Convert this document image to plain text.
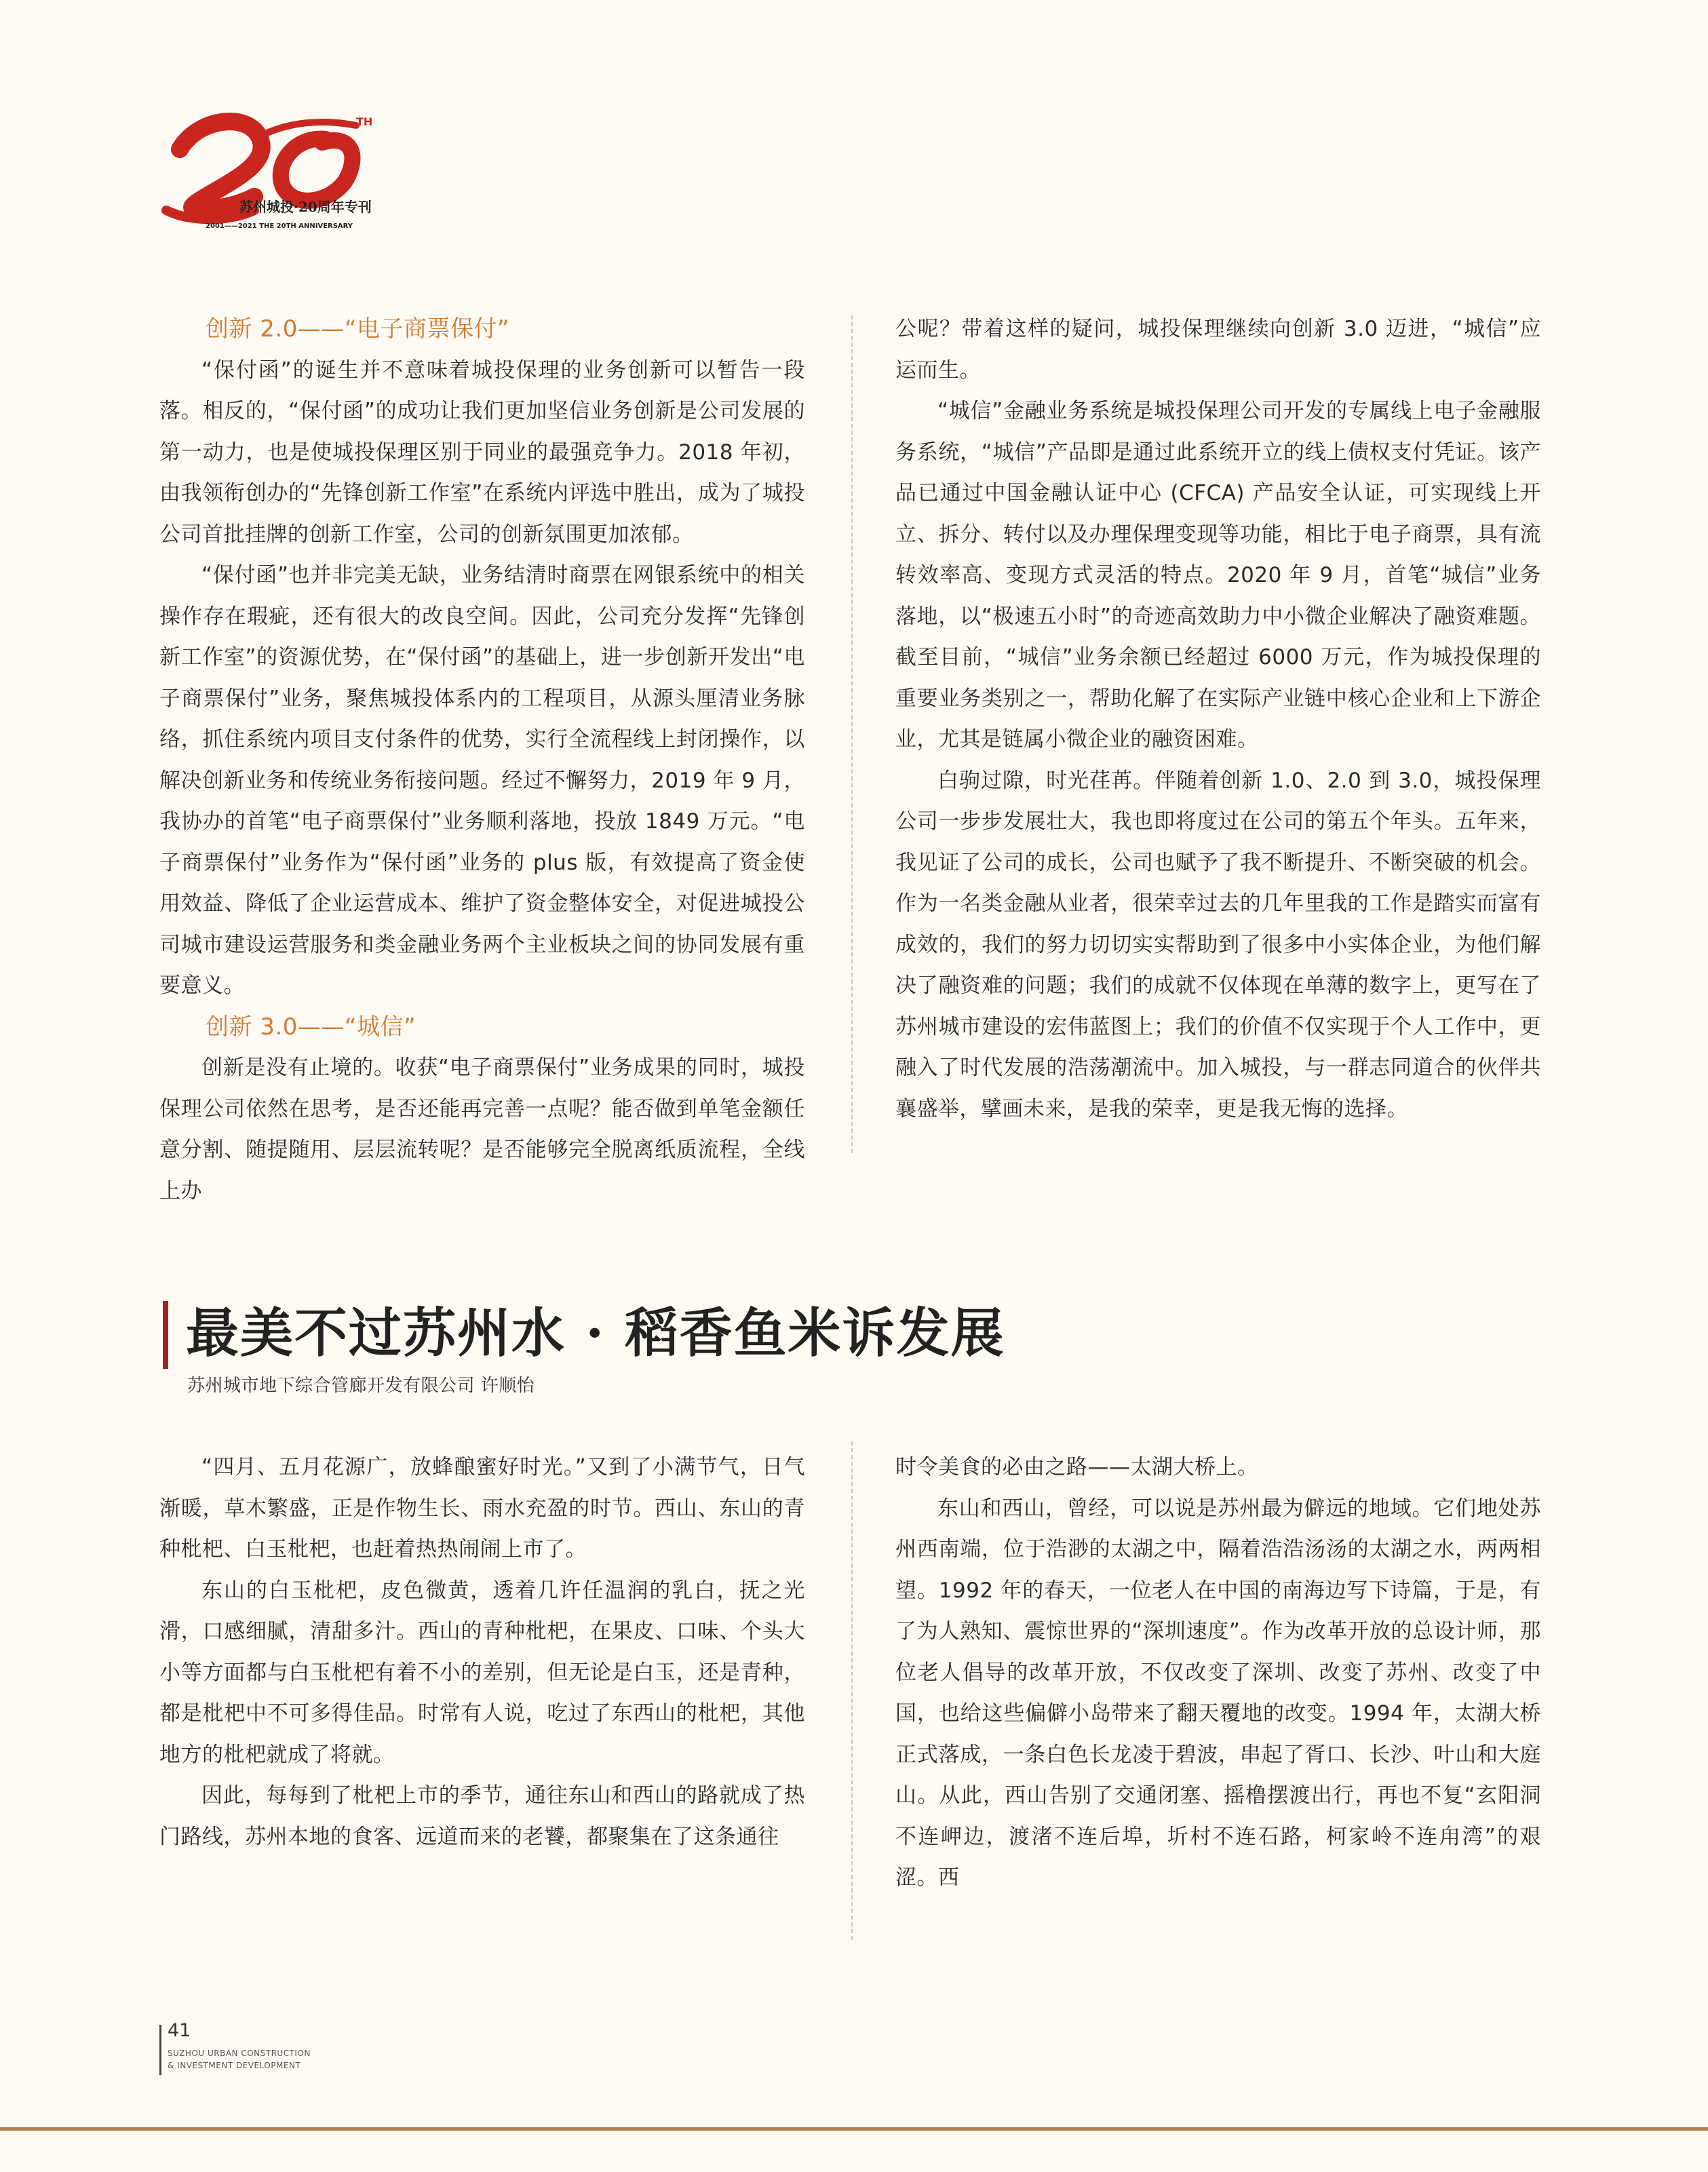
TH
苏州城投·20周年专刊
2001——2021 THE 20TH ANNIVERSARY
创新 2.0——“电子商票保付”

“保付函”的诞生并不意味着城投保理的业务创新可以暂告一段落。相反的，“保付函”的成功让我们更加坚信业务创新是公司发展的第一动力，也是使城投保理区别于同业的最强竞争力。2018 年初，由我领衔创办的“先锋创新工作室”在系统内评选中胜出，成为了城投公司首批挂牌的创新工作室，公司的创新氛围更加浓郁。

“保付函”也并非完美无缺，业务结清时商票在网银系统中的相关操作存在瑕疵，还有很大的改良空间。因此，公司充分发挥“先锋创新工作室”的资源优势，在“保付函”的基础上，进一步创新开发出“电子商票保付”业务，聚焦城投体系内的工程项目，从源头厘清业务脉络，抓住系统内项目支付条件的优势，实行全流程线上封闭操作，以解决创新业务和传统业务衔接问题。经过不懈努力，2019 年 9 月，我协办的首笔“电子商票保付”业务顺利落地，投放 1849 万元。“电子商票保付”业务作为“保付函”业务的 plus 版，有效提高了资金使用效益、降低了企业运营成本、维护了资金整体安全，对促进城投公司城市建设运营服务和类金融业务两个主业板块之间的协同发展有重要意义。

创新 3.0——“城信”

创新是没有止境的。收获“电子商票保付”业务成果的同时，城投保理公司依然在思考，是否还能再完善一点呢？能否做到单笔金额任意分割、随提随用、层层流转呢？是否能够完全脱离纸质流程，全线上办

公呢？带着这样的疑问，城投保理继续向创新 3.0 迈进，“城信”应运而生。

“城信”金融业务系统是城投保理公司开发的专属线上电子金融服务系统，“城信”产品即是通过此系统开立的线上债权支付凭证。该产品已通过中国金融认证中心 (CFCA) 产品安全认证，可实现线上开立、拆分、转付以及办理保理变现等功能，相比于电子商票，具有流转效率高、变现方式灵活的特点。2020 年 9 月，首笔“城信”业务落地，以“极速五小时”的奇迹高效助力中小微企业解决了融资难题。截至目前，“城信”业务余额已经超过 6000 万元，作为城投保理的重要业务类别之一，帮助化解了在实际产业链中核心企业和上下游企业，尤其是链属小微企业的融资困难。

白驹过隙，时光荏苒。伴随着创新 1.0、2.0 到 3.0，城投保理公司一步步发展壮大，我也即将度过在公司的第五个年头。五年来，我见证了公司的成长，公司也赋予了我不断提升、不断突破的机会。作为一名类金融从业者，很荣幸过去的几年里我的工作是踏实而富有成效的，我们的努力切切实实帮助到了很多中小实体企业，为他们解决了融资难的问题；我们的成就不仅体现在单薄的数字上，更写在了苏州城市建设的宏伟蓝图上；我们的价值不仅实现于个人工作中，更融入了时代发展的浩荡潮流中。加入城投，与一群志同道合的伙伴共襄盛举，擘画未来，是我的荣幸，更是我无悔的选择。

最美不过苏州水 · 稻香鱼米诉发展
苏州城市地下综合管廊开发有限公司 许顺怡

“四月、五月花源广，放蜂酿蜜好时光。”又到了小满节气，日气渐暖，草木繁盛，正是作物生长、雨水充盈的时节。西山、东山的青种枇杷、白玉枇杷，也赶着热热闹闹上市了。

东山的白玉枇杷，皮色微黄，透着几许任温润的乳白，抚之光滑，口感细腻，清甜多汁。西山的青种枇杷，在果皮、口味、个头大小等方面都与白玉枇杷有着不小的差别，但无论是白玉，还是青种，都是枇杷中不可多得佳品。时常有人说，吃过了东西山的枇杷，其他地方的枇杷就成了将就。

因此，每每到了枇杷上市的季节，通往东山和西山的路就成了热门路线，苏州本地的食客、远道而来的老饕，都聚集在了这条通往

时令美食的必由之路——太湖大桥上。

东山和西山，曾经，可以说是苏州最为僻远的地域。它们地处苏州西南端，位于浩渺的太湖之中，隔着浩浩汤汤的太湖之水，两两相望。1992 年的春天，一位老人在中国的南海边写下诗篇，于是，有了为人熟知、震惊世界的“深圳速度”。作为改革开放的总设计师，那位老人倡导的改革开放，不仅改变了深圳、改变了苏州、改变了中国，也给这些偏僻小岛带来了翻天覆地的改变。1994 年，太湖大桥正式落成，一条白色长龙凌于碧波，串起了胥口、长沙、叶山和大庭山。从此，西山告别了交通闭塞、摇橹摆渡出行，再也不复“玄阳洞不连岬边，渡渚不连后埠，圻村不连石路，柯家岭不连甪湾”的艰涩。西

41
SUZHOU URBAN CONSTRUCTION
& INVESTMENT DEVELOPMENT
